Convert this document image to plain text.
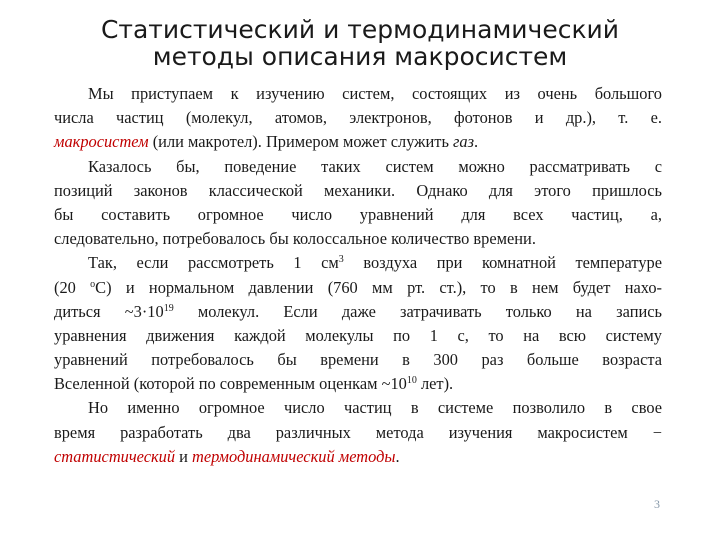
Статистический и термодинамический
методы описания макросистем
Мы приступаем к изучению систем, состоящих из очень большого
числа частиц (молекул, атомов, электронов, фотонов и др.), т. е.
макросистем (или макротел). Примером может служить газ.
Казалось бы, поведение таких систем можно рассматривать с
позиций законов классической механики. Однако для этого пришлось
бы составить огромное число уравнений для всех частиц, а,
следовательно, потребовалось бы колоссальное количество времени.
Так, если рассмотреть 1 $см^3$ воздуха при комнатной температуре
(20 $^o$С) и нормальном давлении (760 мм рт. ст.), то в нем будет нахо-
диться $\sim 3\cdot 10^{19}$ молекул. Если даже затрачивать только на запись
уравнения движения каждой молекулы по 1 с, то на всю систему
уравнений потребовалось бы времени в 300 раз больше возраста
Вселенной (которой по современным оценкам $\sim 10^{10}$ лет).
Но именно огромное число частиц в системе позволило в свое
время разработать два различных метода изучения макросистем −
статистический и термодинамический методы.
3
